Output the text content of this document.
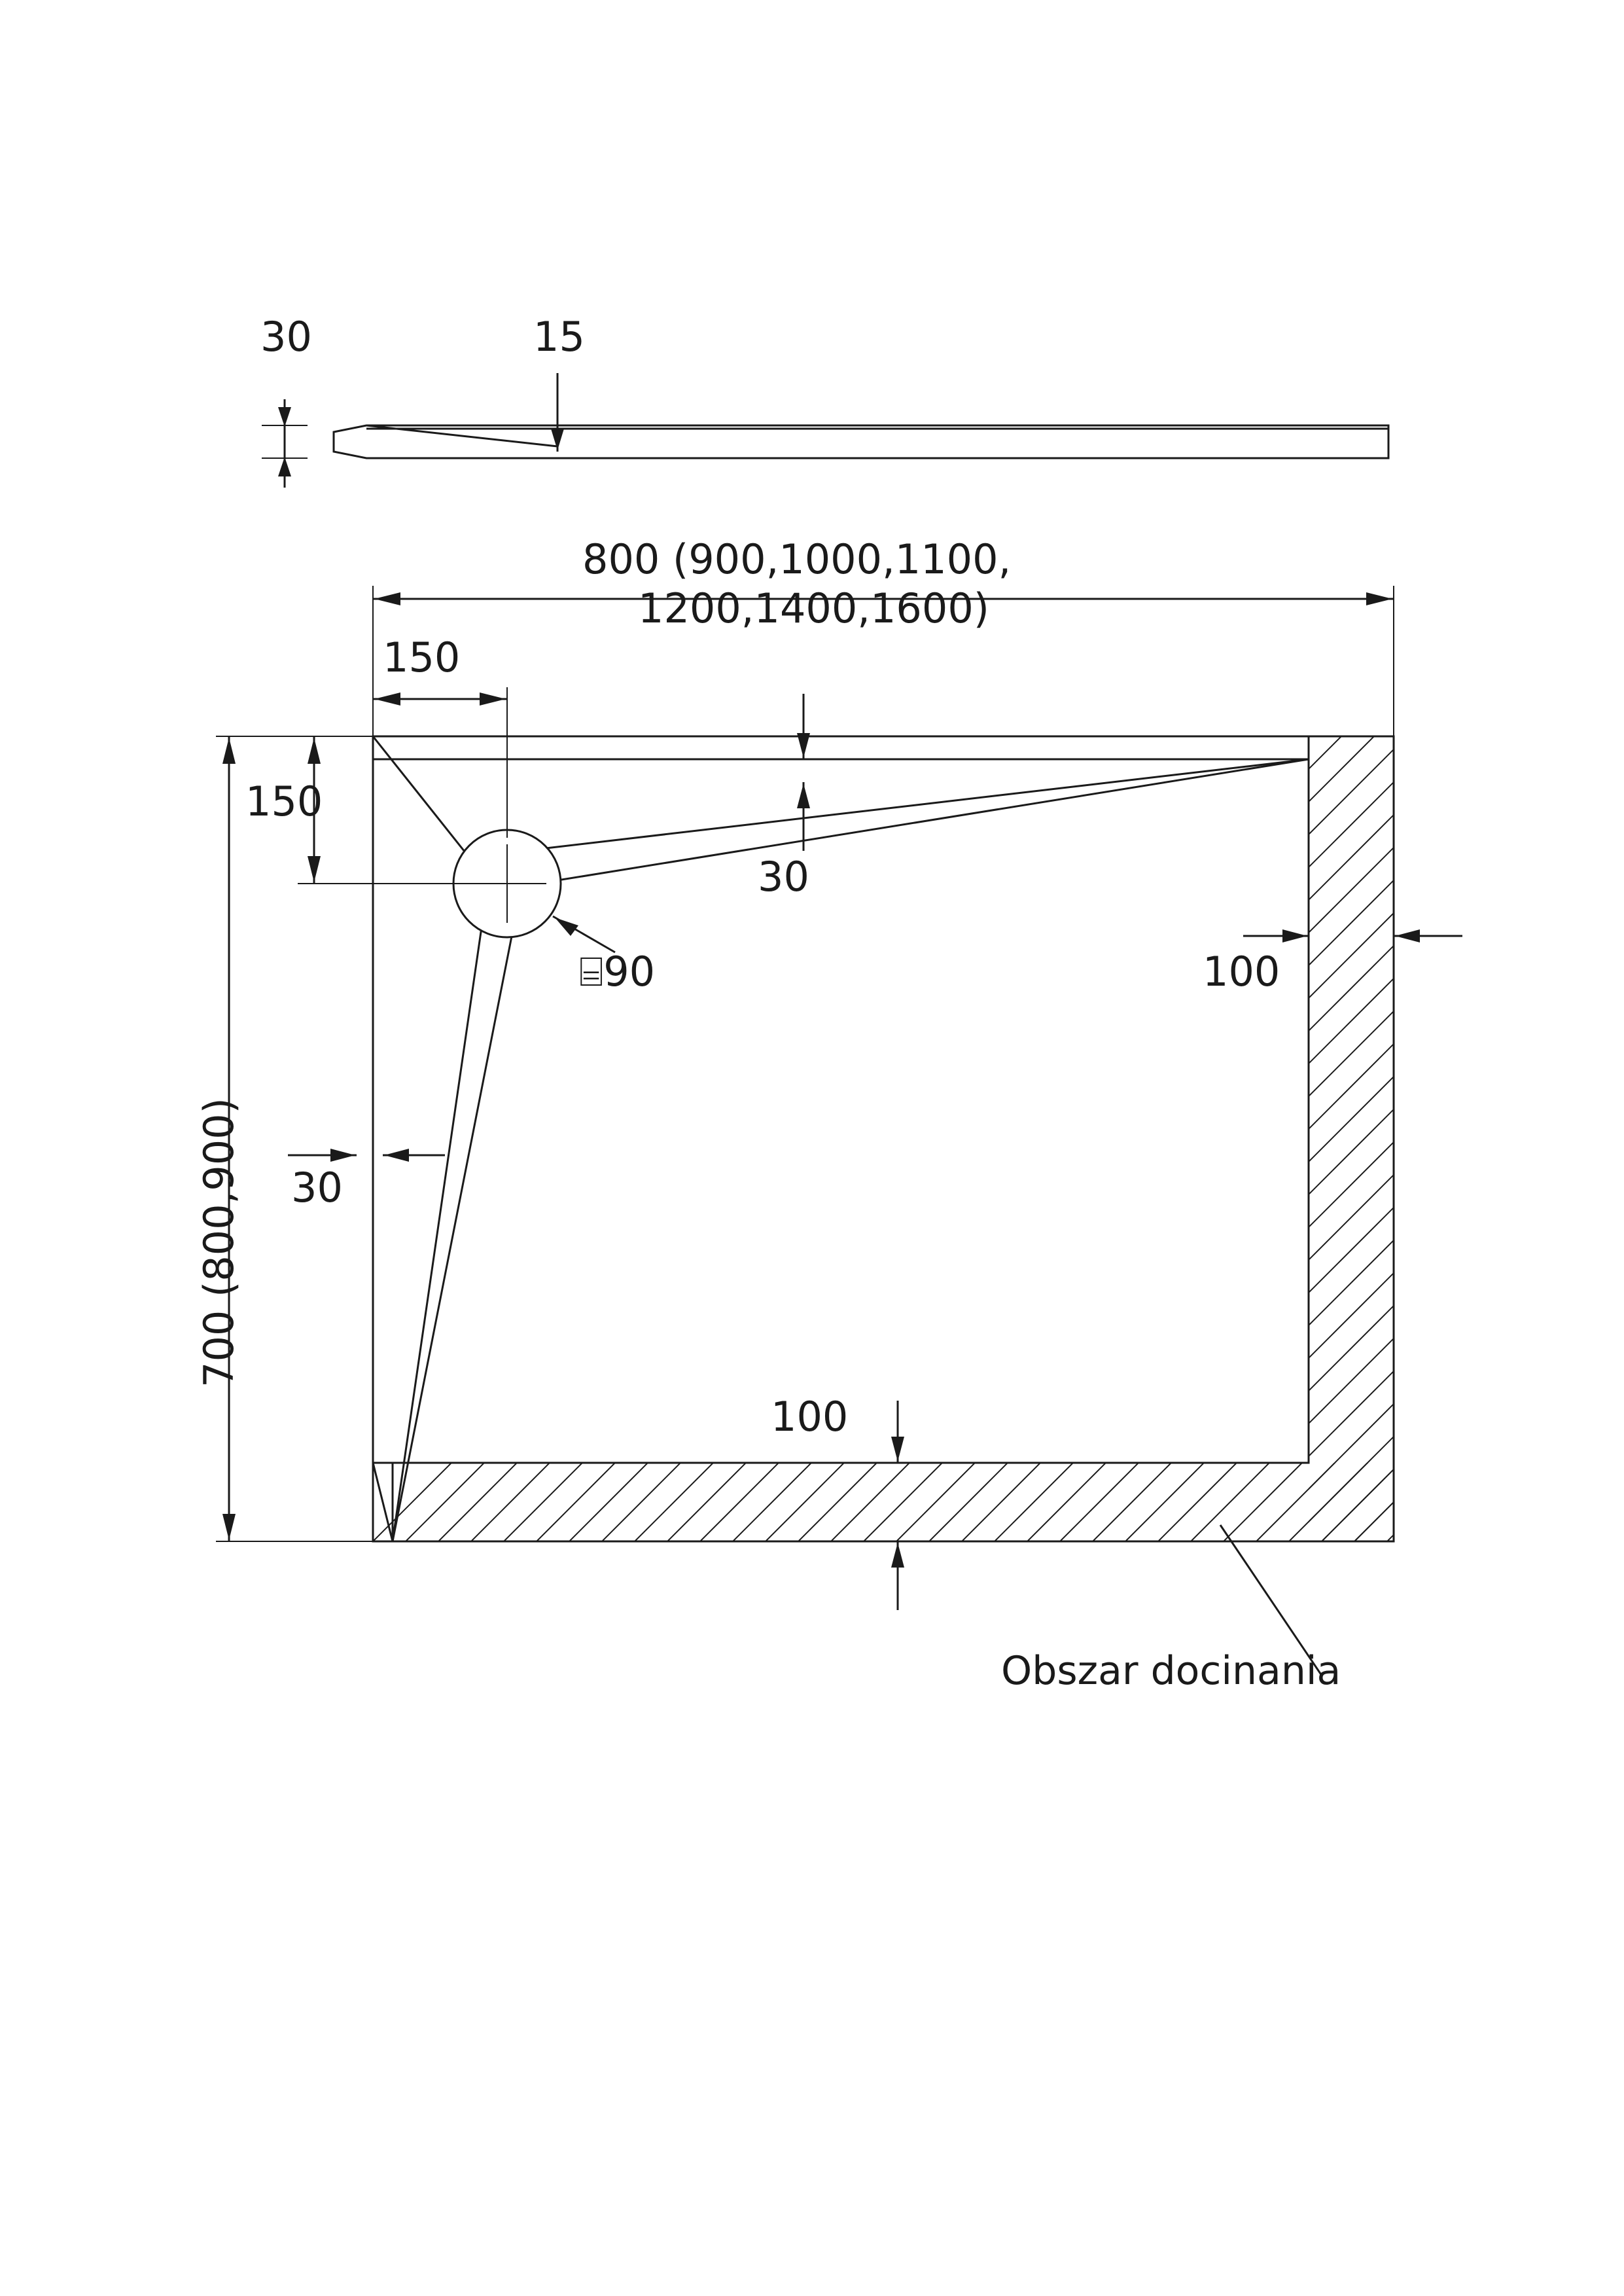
30	15
800 (900,1000,1100,
1200,1400,1600)
150
150
700 (800,900)
30
30
⌸90	100
100
Obszar docinania
